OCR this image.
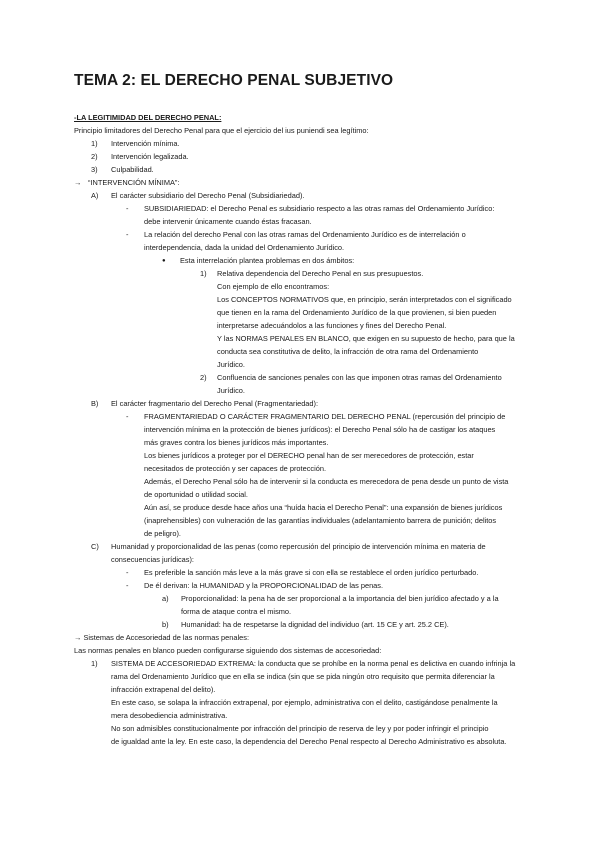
TEMA 2: EL DERECHO PENAL SUBJETIVO
-LA LEGITIMIDAD DEL DERECHO PENAL:
Principio limitadores del Derecho Penal para que el ejercicio del ius puniendi sea legítimo:
1) Intervención mínima.
2) Intervención legalizada.
3) Culpabilidad.
→ “INTERVENCIÓN MÍNIMA”:
A) El carácter subsidiario del Derecho Penal (Subsidiariedad).
- SUBSIDIARIEDAD: el Derecho Penal es subsidiario respecto a las otras ramas del Ordenamiento Jurídico:
debe intervenir únicamente cuando éstas fracasan.
- La relación del derecho Penal con las otras ramas del Ordenamiento Jurídico es de interrelación o
interdependencia, dada la unidad del Ordenamiento Jurídico.
● Esta interrelación plantea problemas en dos ámbitos:
1) Relativa dependencia del Derecho Penal en sus presupuestos.
Con ejemplo de ello encontramos:
Los CONCEPTOS NORMATIVOS que, en principio, serán interpretados con el significado
que tienen en la rama del Ordenamiento Jurídico de la que provienen, si bien pueden
interpretarse adecuándolos a las funciones y fines del Derecho Penal.
Y las NORMAS PENALES EN BLANCO, que exigen en su supuesto de hecho, para que la
conducta sea constitutiva de delito, la infracción de otra rama del Ordenamiento
Jurídico.
2) Confluencia de sanciones penales con las que imponen otras ramas del Ordenamiento
Jurídico.
B) El carácter fragmentario del Derecho Penal (Fragmentariedad):
- FRAGMENTARIEDAD O CARÁCTER FRAGMENTARIO DEL DERECHO PENAL (repercusión del principio de
intervención mínima en la protección de bienes jurídicos): el Derecho Penal sólo ha de castigar los ataques
más graves contra los bienes jurídicos más importantes.
Los bienes jurídicos a proteger por el DERECHO penal han de ser merecedores de protección, estar
necesitados de protección y ser capaces de protección.
Además, el Derecho Penal sólo ha de intervenir si la conducta es merecedora de pena desde un punto de vista
de oportunidad o utilidad social.
Aún así, se produce desde hace años una “huída hacia el Derecho Penal”: una expansión de bienes jurídicos
(inaprehensibles) con vulneración de las garantías individuales (adelantamiento barrera de punición; delitos
de peligro).
C) Humanidad y proporcionalidad de las penas (como repercusión del principio de intervención mínima en materia de
consecuencias jurídicas):
- Es preferible la sanción más leve a la más grave si con ella se restablece el orden jurídico perturbado.
- De él derivan: la HUMANIDAD y la PROPORCIONALIDAD de las penas.
a) Proporcionalidad: la pena ha de ser proporcional a la importancia del bien jurídico afectado y a la
forma de ataque contra el mismo.
b) Humanidad: ha de respetarse la dignidad del individuo (art. 15 CE y art. 25.2 CE).
→ Sistemas de Accesoriedad de las normas penales:
Las normas penales en blanco pueden configurarse siguiendo dos sistemas de accesoriedad:
1) SISTEMA DE ACCESORIEDAD EXTREMA: la conducta que se prohíbe en la norma penal es delictiva en cuando infrinja la
rama del Ordenamiento Jurídico que en ella se indica (sin que se pida ningún otro requisito que permita diferenciar la
infracción extrapenal del delito).
En este caso, se solapa la infracción extrapenal, por ejemplo, administrativa con el delito, castigándose penalmente la
mera desobediencia administrativa.
No son admisibles constitucionalmente por infracción del principio de reserva de ley y por poder infringir el principio
de igualdad ante la ley. En este caso, la dependencia del Derecho Penal respecto al Derecho Administrativo es absoluta.
